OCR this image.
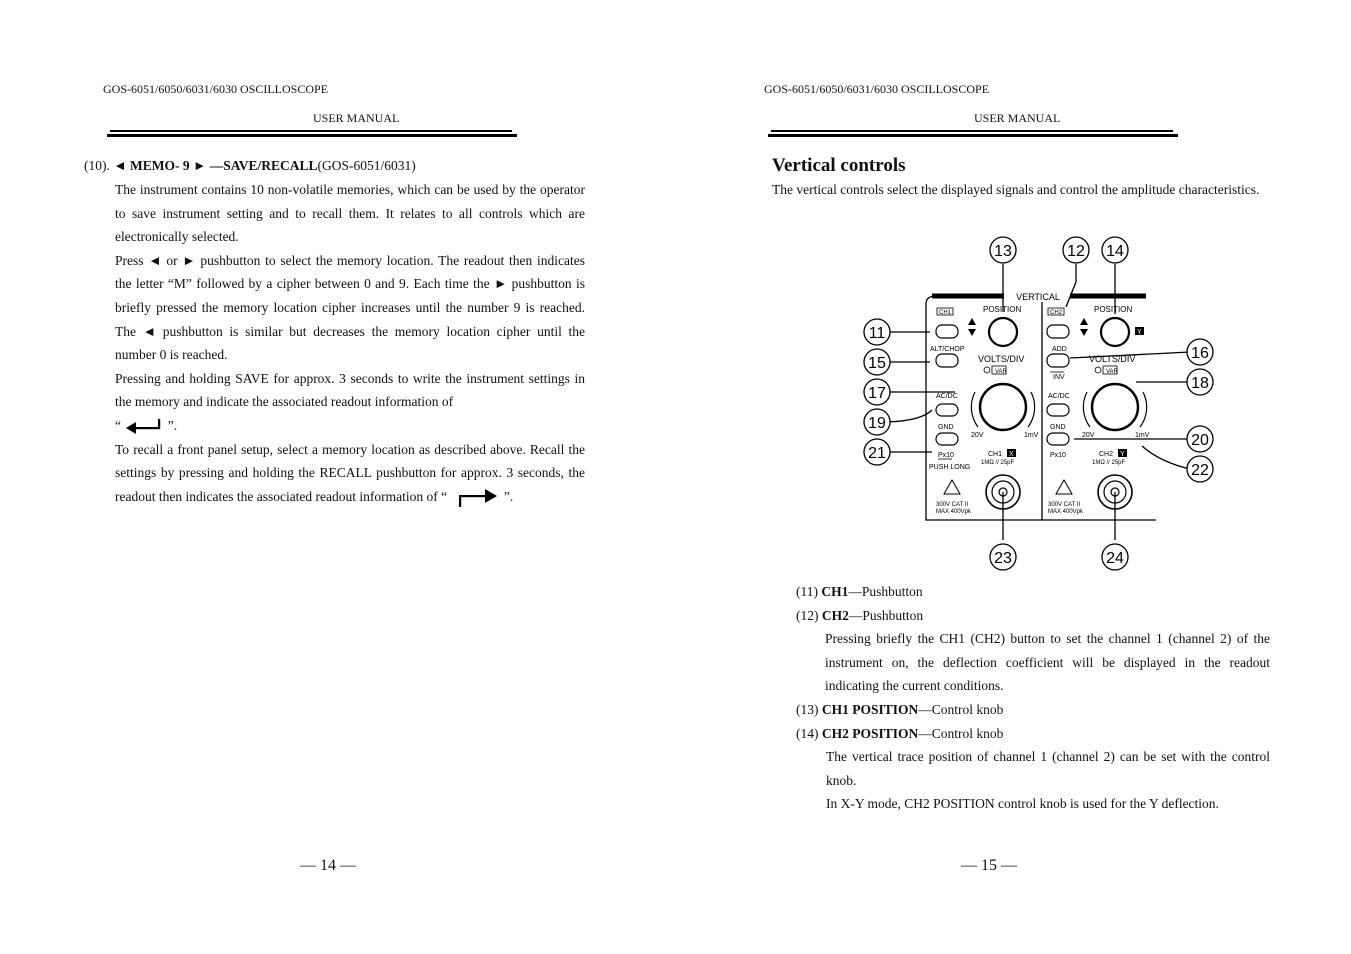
GOS-6051/6050/6031/6030 OSCILLOSCOPE
USER MANUAL
(10). ◄ MEMO- 9 ► —SAVE/RECALL(GOS-6051/6031)

The instrument contains 10 non-volatile memories, which can be used by the operator to save instrument setting and to recall them. It relates to all controls which are electronically selected.

Press ◄ or ► pushbutton to select the memory location. The readout then indicates the letter “M” followed by a cipher between 0 and 9. Each time the ► pushbutton is briefly pressed the memory location cipher increases until the number 9 is reached. The ◄ pushbutton is similar but decreases the memory location cipher until the number 0 is reached.

Pressing and holding SAVE for approx. 3 seconds to write the instrument settings in the memory and indicate the associated readout information of
“	”.

To recall a front panel setup, select a memory location as described above. Recall the settings by pressing and holding the RECALL pushbutton for approx. 3 seconds, the readout then indicates the associated readout information of “	”.

— 14 —
GOS-6051/6050/6031/6030 OSCILLOSCOPE
USER MANUAL
Vertical controls
The vertical controls select the displayed signals and control the amplitude characteristics.
13	12 14
11
15
17
19
21
16
18
20
22
23	24
VERTICAL
CH1	POSITION
ALT/CHOP
AC/DC
GND
Px10
PUSH LONG
VOLTS/DIV
VAR
20V	1mV
CH1
1MΩ // 25pF
300V CAT II
MAX 400Vpk
X
CH2	POSITION
ADD
INV
VOLTS/DIV
VAR
AC/DC
GND
Px10
20V	1mV
CH2
1MΩ // 25pF
300V CAT II
MAX 400Vpk
Y
Y

(11) CH1—Pushbutton

(12) CH2—Pushbutton

Pressing briefly the CH1 (CH2) button to set the channel 1 (channel 2) of the instrument on, the deflection coefficient will be displayed in the readout indicating the current conditions.

(13) CH1 POSITION—Control knob

(14) CH2 POSITION—Control knob

The vertical trace position of channel 1 (channel 2) can be set with the control knob.

In X-Y mode, CH2 POSITION control knob is used for the Y deflection.

— 15 —
